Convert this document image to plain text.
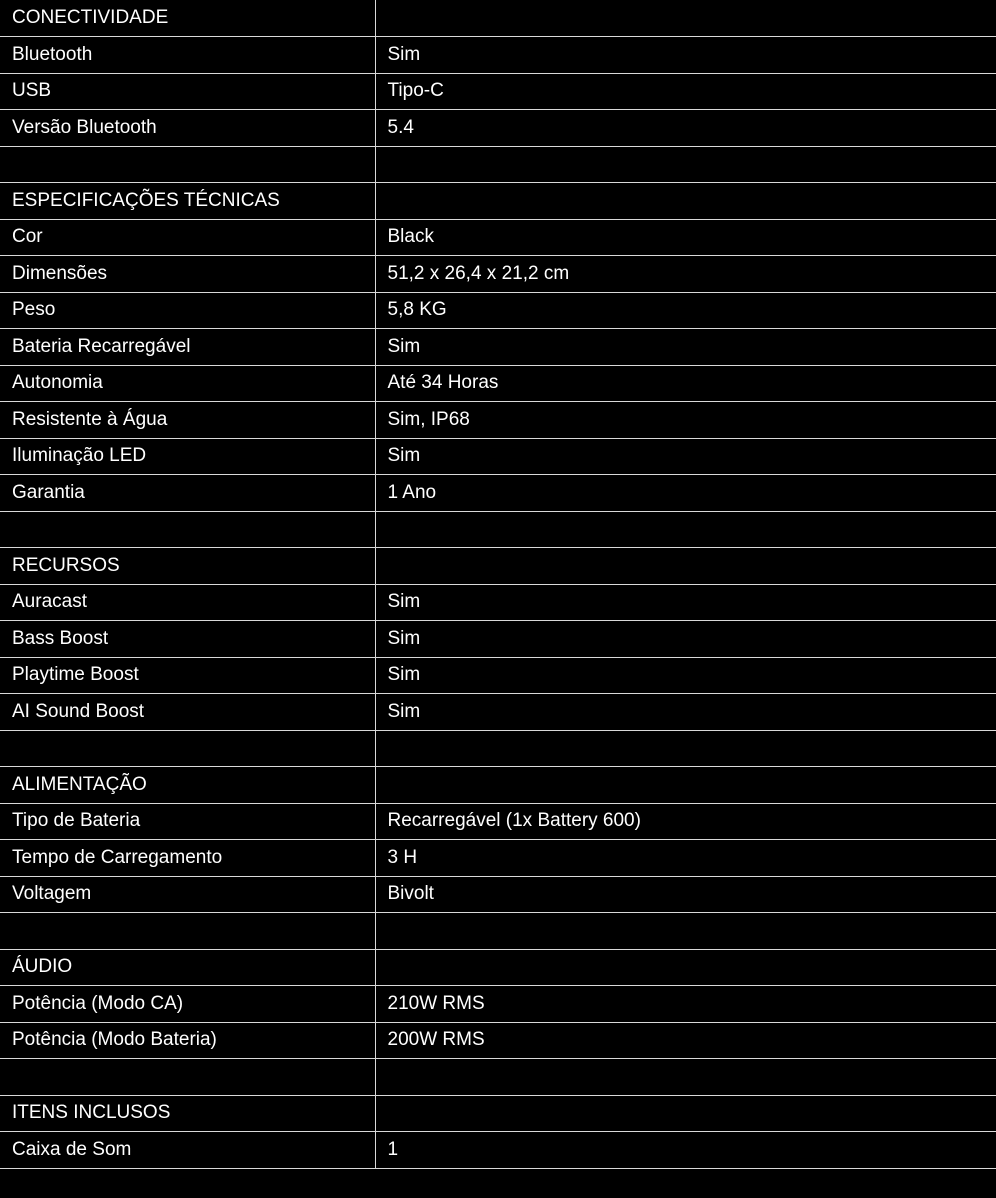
CONECTIVIDADE	
Bluetooth	Sim
USB	Tipo-C
Versão Bluetooth	5.4

ESPECIFICAÇÕES TÉCNICAS	
Cor	Black
Dimensões	51,2 x 26,4 x 21,2 cm
Peso	5,8 KG
Bateria Recarregável	Sim
Autonomia	Até 34 Horas
Resistente à Água	Sim, IP68
Iluminação LED	Sim
Garantia	1 Ano

RECURSOS	
Auracast	Sim
Bass Boost	Sim
Playtime Boost	Sim
AI Sound Boost	Sim

ALIMENTAÇÃO	
Tipo de Bateria	Recarregável (1x Battery 600)
Tempo de Carregamento	3 H
Voltagem	Bivolt

ÁUDIO	
Potência (Modo CA)	210W RMS
Potência (Modo Bateria)	200W RMS

ITENS INCLUSOS	
Caixa de Som	1
